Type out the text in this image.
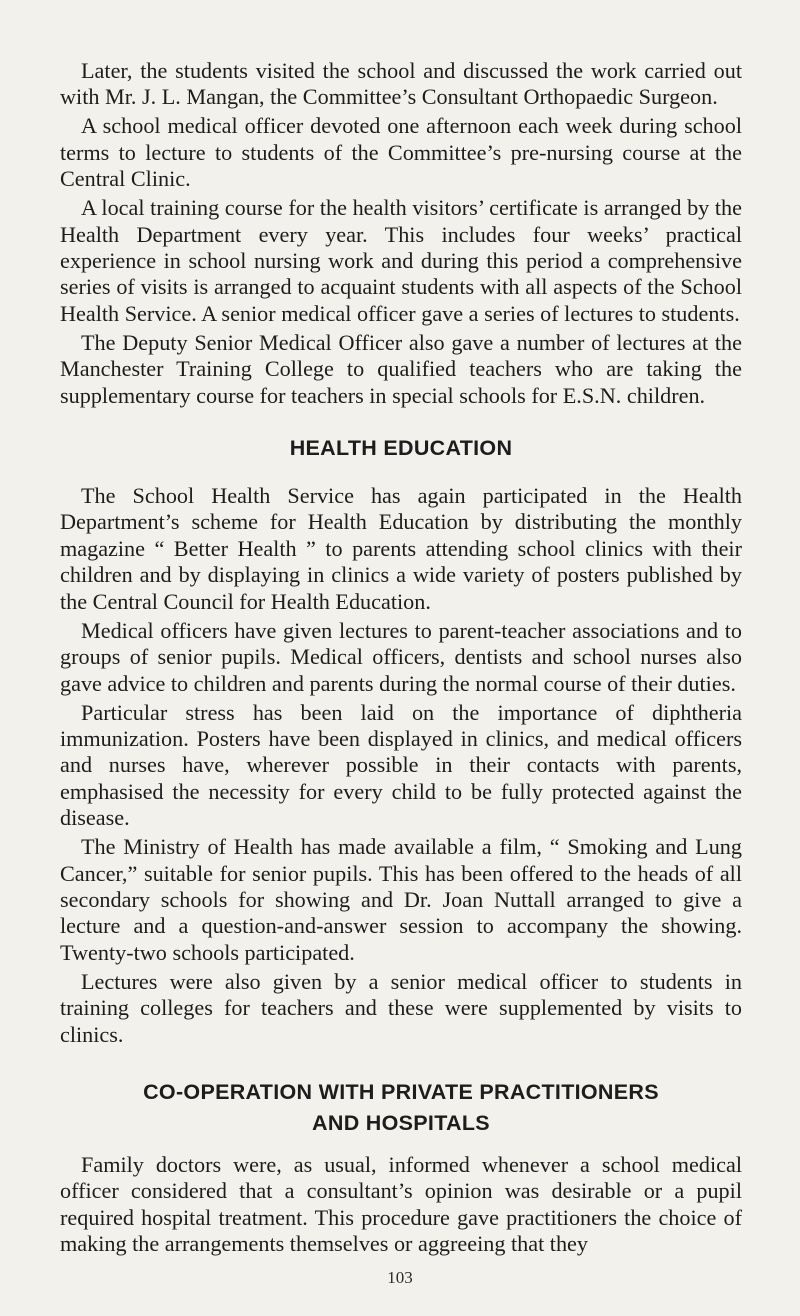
Later, the students visited the school and discussed the work carried out with Mr. J. L. Mangan, the Committee’s Consultant Orthopaedic Surgeon.

A school medical officer devoted one afternoon each week during school terms to lecture to students of the Committee’s pre-nursing course at the Central Clinic.

A local training course for the health visitors’ certificate is arranged by the Health Department every year. This includes four weeks’ practical experience in school nursing work and during this period a comprehensive series of visits is arranged to acquaint students with all aspects of the School Health Service. A senior medical officer gave a series of lectures to students.

The Deputy Senior Medical Officer also gave a number of lectures at the Manchester Training College to qualified teachers who are taking the supplementary course for teachers in special schools for E.S.N. children.

HEALTH EDUCATION

The School Health Service has again participated in the Health Department’s scheme for Health Education by distributing the monthly magazine “ Better Health ” to parents attending school clinics with their children and by displaying in clinics a wide variety of posters published by the Central Council for Health Education.

Medical officers have given lectures to parent-teacher associations and to groups of senior pupils. Medical officers, dentists and school nurses also gave advice to children and parents during the normal course of their duties.

Particular stress has been laid on the importance of diphtheria immunization. Posters have been displayed in clinics, and medical officers and nurses have, wherever possible in their contacts with parents, emphasised the necessity for every child to be fully protected against the disease.

The Ministry of Health has made available a film, “ Smoking and Lung Cancer,” suitable for senior pupils. This has been offered to the heads of all secondary schools for showing and Dr. Joan Nuttall arranged to give a lecture and a question-and-answer session to accompany the showing. Twenty-two schools participated.

Lectures were also given by a senior medical officer to students in training colleges for teachers and these were supplemented by visits to clinics.

CO-OPERATION WITH PRIVATE PRACTITIONERS
AND HOSPITALS

Family doctors were, as usual, informed whenever a school medical officer considered that a consultant’s opinion was desirable or a pupil required hospital treatment. This procedure gave practitioners the choice of making the arrangements themselves or aggreeing that they

103
